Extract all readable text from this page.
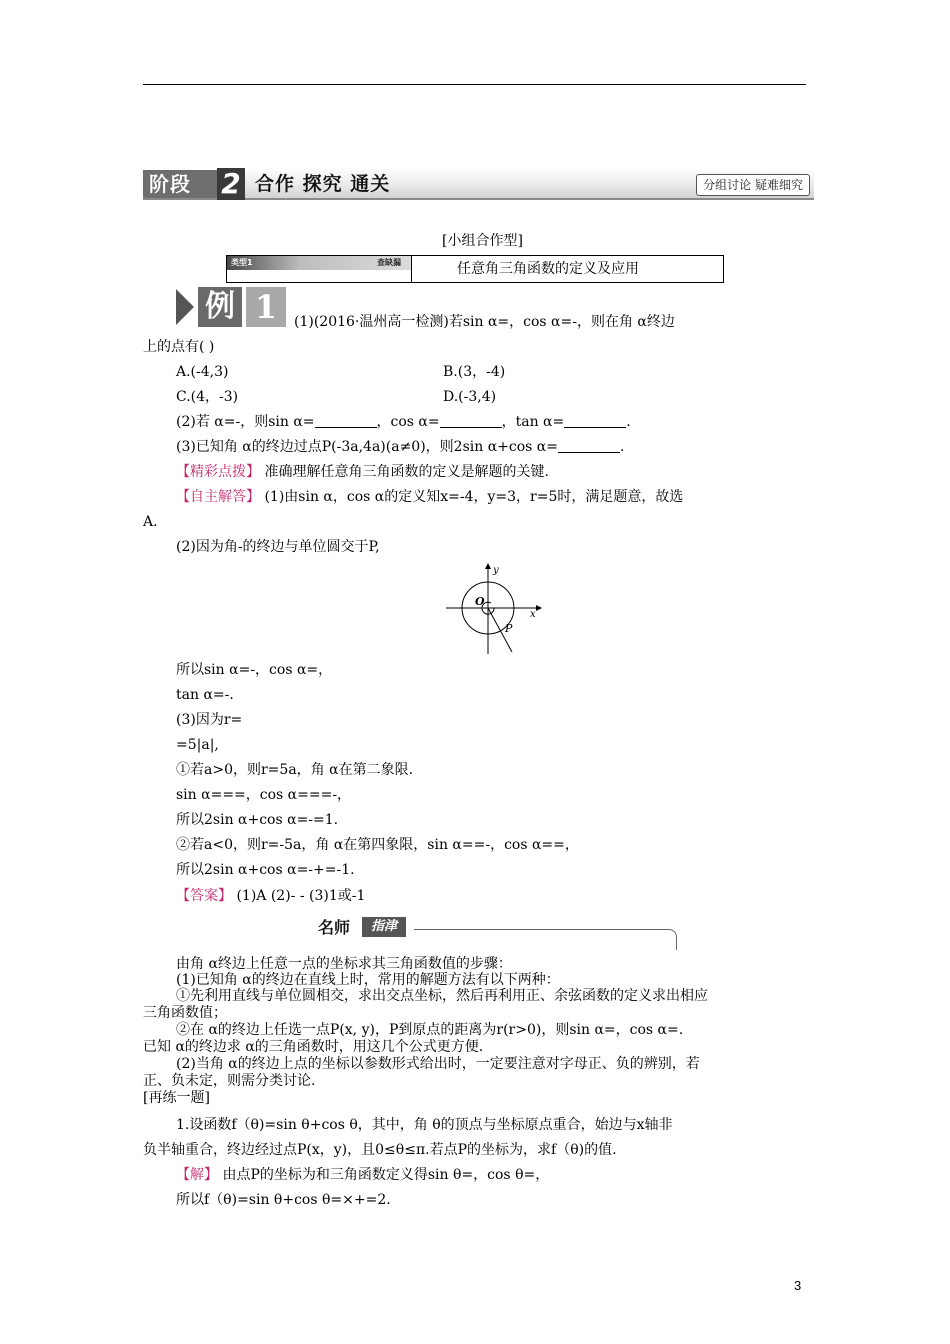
阶段	2 合作 探究 通关	分组讨论 疑难细究
[小组合作型]
类型1	查缺漏	任意角三角函数的定义及应用
例 1	(1)(2016·温州高一检测)若sin α=，cos α=-，则在角 α终边
上的点有( )
A.(-4,3)	B.(3，-4)
C.(4，-3)	D.(-3,4)
(2)若 α=-，则sin α=	，cos α=	，tan α=	.
(3)已知角 α的终边过点P(-3a,4a)(a≠0)，则2sin α+cos α=	.
【精彩点拨】 准确理解任意角三角函数的定义是解题的关键.
【自主解答】 (1)由sin α，cos α的定义知x=-4，y=3，r=5时，满足题意，故选
A.
(2)因为角-的终边与单位圆交于P,
y
x
O
P
所以sin α=-，cos α=，
tan α=-.
(3)因为r=
=5|a|,
①若a>0，则r=5a，角 α在第二象限.
sin α===，cos α===-，
所以2sin α+cos α=-=1.
②若a<0，则r=-5a，角 α在第四象限，sin α==-，cos α==，
所以2sin α+cos α=-+=-1.
【答案】 (1)A (2)- - (3)1或-1
名师	指津
由角 α终边上任意一点的坐标求其三角函数值的步骤：
(1)已知角 α的终边在直线上时，常用的解题方法有以下两种：
①先利用直线与单位圆相交，求出交点坐标，然后再利用正、余弦函数的定义求出相应
三角函数值；
②在 α的终边上任选一点P(x, y)，P到原点的距离为r(r>0)，则sin α=，cos α=.
已知 α的终边求 α的三角函数时，用这几个公式更方便.
(2)当角 α的终边上点的坐标以参数形式给出时，一定要注意对字母正、负的辨别，若
正、负未定，则需分类讨论.
[再练一题]
1.设函数f（θ)=sin θ+cos θ，其中，角 θ的顶点与坐标原点重合，始边与x轴非
负半轴重合，终边经过点P(x，y)，且0≤θ≤π.若点P的坐标为，求f（θ)的值.
【解】 由点P的坐标为和三角函数定义得sin θ=，cos θ=，
所以f（θ)=sin θ+cos θ=×+=2.
3
